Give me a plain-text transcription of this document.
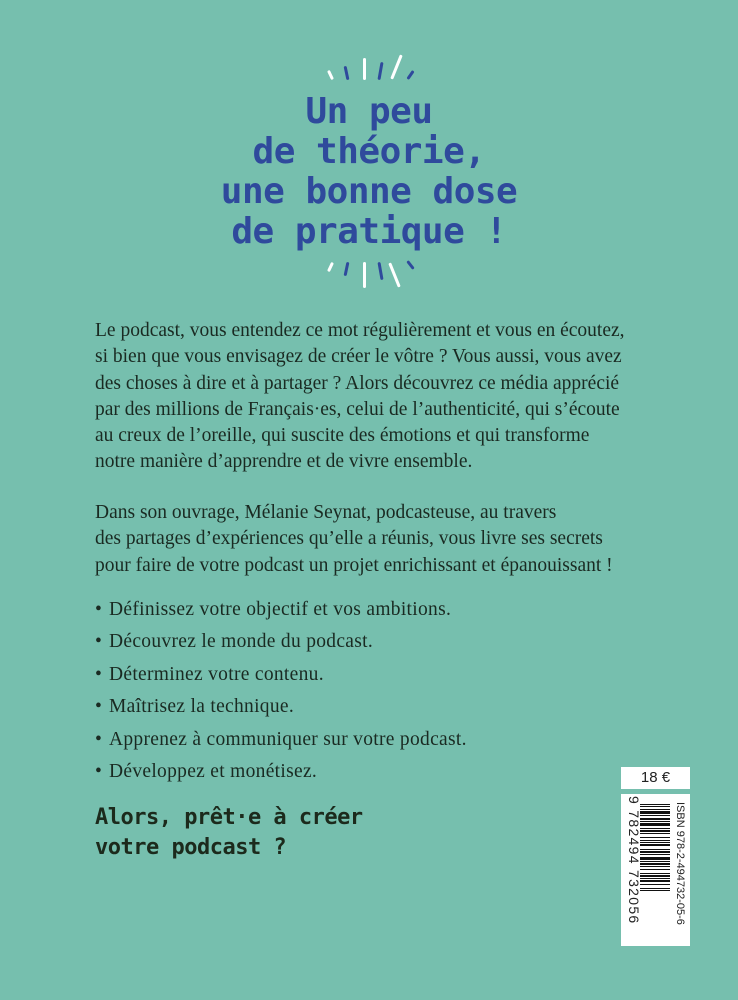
Un peu
de théorie,
une bonne dose
de pratique !
Le podcast, vous entendez ce mot régulièrement et vous en écoutez,
si bien que vous envisagez de créer le vôtre ? Vous aussi, vous avez
des choses à dire et à partager ? Alors découvrez ce média apprécié
par des millions de Français·es, celui de l’authenticité, qui s’écoute
au creux de l’oreille, qui suscite des émotions et qui transforme
notre manière d’apprendre et de vivre ensemble.
Dans son ouvrage, Mélanie Seynat, podcasteuse, au travers
des partages d’expériences qu’elle a réunis, vous livre ses secrets
pour faire de votre podcast un projet enrichissant et épanouissant !
• Définissez votre objectif et vos ambitions.
• Découvrez le monde du podcast.
• Déterminez votre contenu.
• Maîtrisez la technique.
• Apprenez à communiquer sur votre podcast.
• Développez et monétisez.
Alors, prêt·e à créer
votre podcast ?
18 €
ISBN 978-2-494732-05-6
9 782494 732056
